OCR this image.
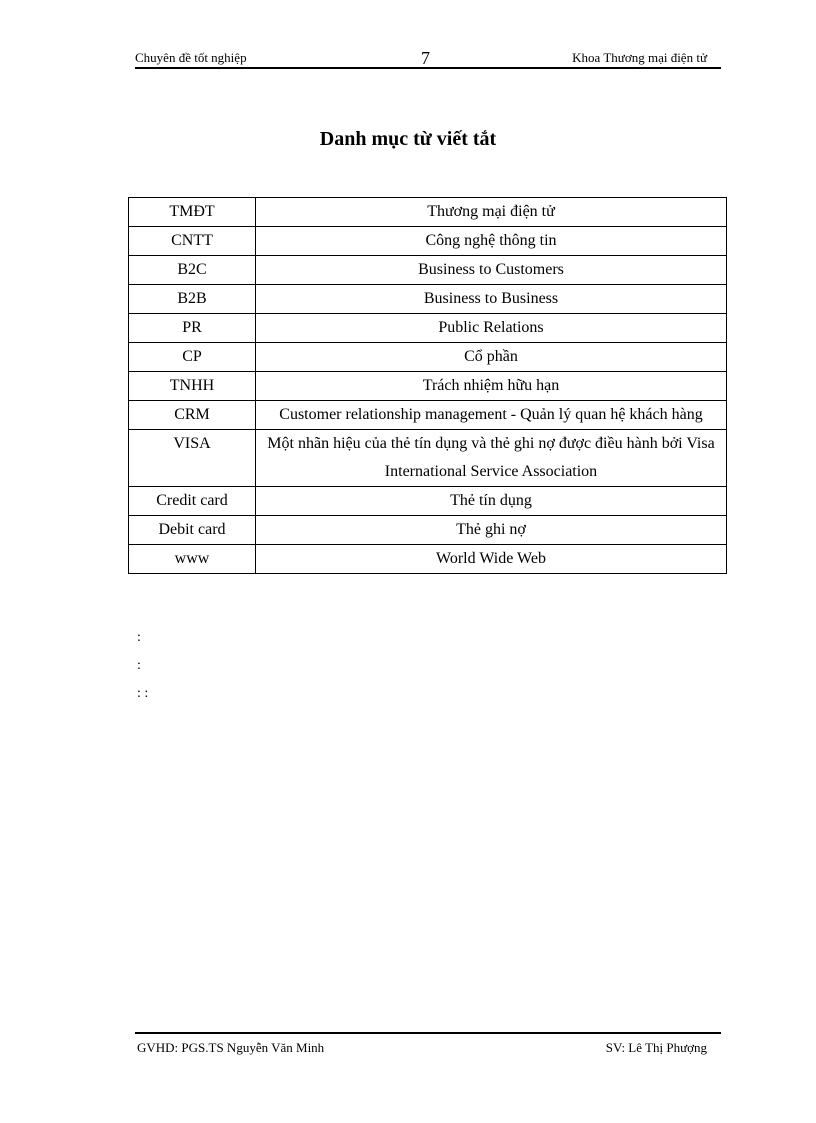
Chuyên đề tốt nghiệp	7	Khoa Thương mại điện tử
Danh mục từ viết tắt
TMĐT	Thương mại điện tử
CNTT	Công nghệ thông tin
B2C	Business to Customers
B2B	Business to Business
PR	Public Relations
CP	Cổ phần
TNHH	Trách nhiệm hữu hạn
CRM	Customer relationship management - Quản lý quan hệ khách hàng
VISA	Một nhãn hiệu của thẻ tín dụng và thẻ ghi nợ được điều hành bởi Visa International Service Association
Credit card	Thẻ tín dụng
Debit card	Thẻ ghi nợ
www	World Wide Web
:
:
: :
GVHD: PGS.TS Nguyễn Văn Minh	SV: Lê Thị Phượng
